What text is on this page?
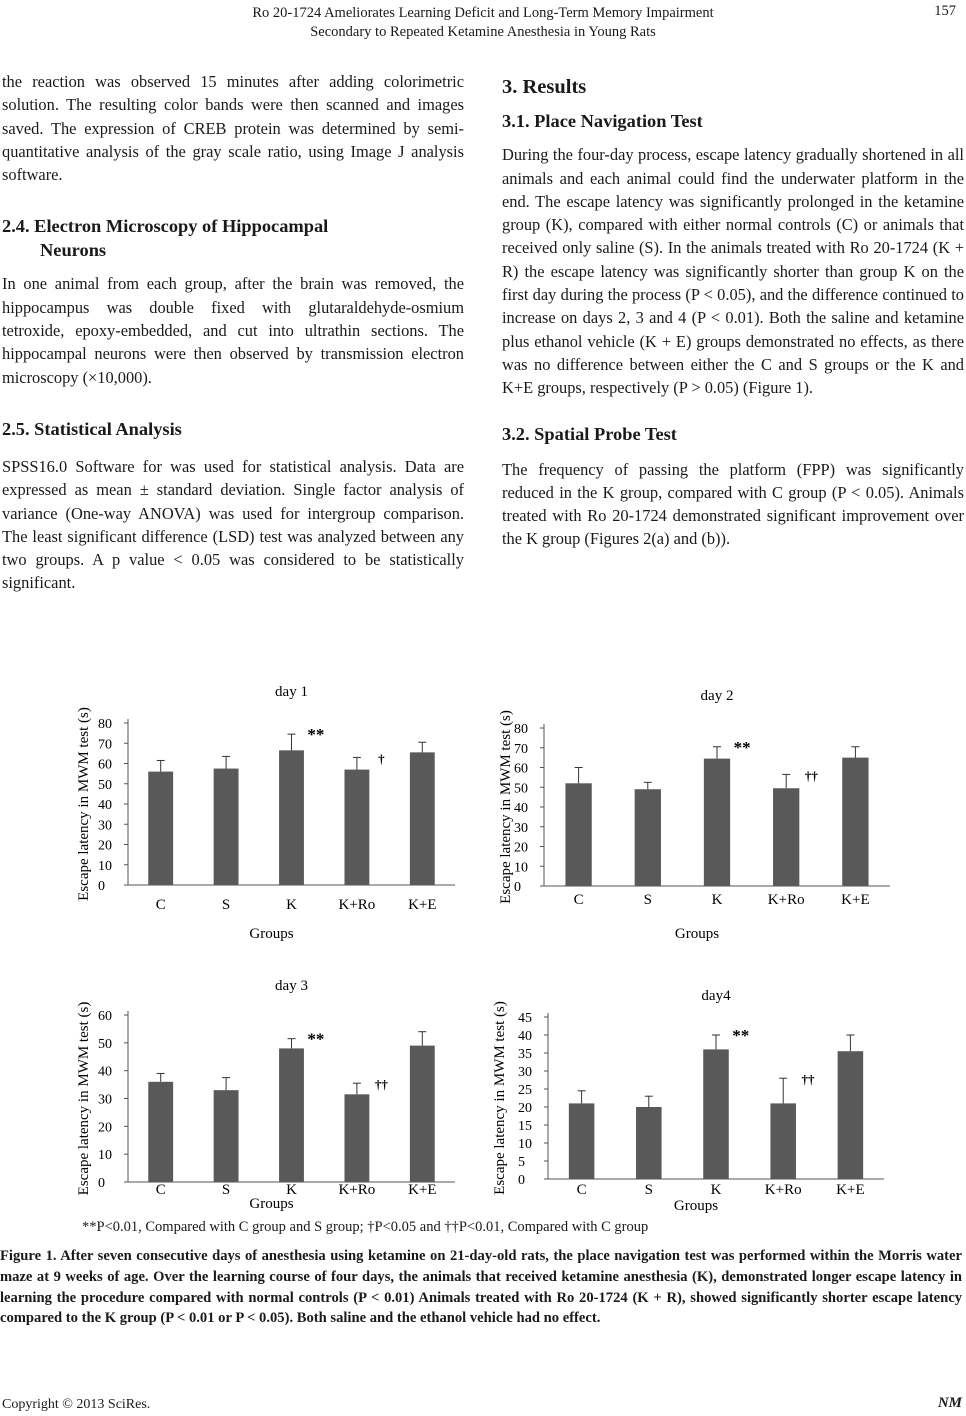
Ro 20-1724 Ameliorates Learning Deficit and Long-Term Memory Impairment
Secondary to Repeated Ketamine Anesthesia in Young Rats
157

the reaction was observed 15 minutes after adding colorimetric solution. The resulting color bands were then scanned and images saved. The expression of CREB protein was determined by semi-quantitative analysis of the gray scale ratio, using Image J analysis software.

2.4. Electron Microscopy of Hippocampal
Neurons

In one animal from each group, after the brain was removed, the hippocampus was double fixed with glutaraldehyde-osmium tetroxide, epoxy-embedded, and cut into ultrathin sections. The hippocampal neurons were then observed by transmission electron microscopy (×10,000).

2.5. Statistical Analysis

SPSS16.0 Software for was used for statistical analysis. Data are expressed as mean ± standard deviation. Single factor analysis of variance (One-way ANOVA) was used for intergroup comparison. The least significant difference (LSD) test was analyzed between any two groups. A p value < 0.05 was considered to be statistically significant.

3. Results
3.1. Place Navigation Test

During the four-day process, escape latency gradually shortened in all animals and each animal could find the underwater platform in the end. The escape latency was significantly prolonged in the ketamine group (K), compared with either normal controls (C) or animals that received only saline (S). In the animals treated with Ro 20-1724 (K + R) the escape latency was significantly shorter than group K on the first day during the process (P < 0.05), and the difference continued to increase on days 2, 3 and 4 (P < 0.01). Both the saline and ketamine plus ethanol vehicle (K + E) groups demonstrated no effects, as there was no difference between either the C and S groups or the K and K+E groups, respectively (P > 0.05) (Figure 1).

3.2. Spatial Probe Test

The frequency of passing the platform (FPP) was significantly reduced in the K group, compared with C group (P < 0.05). Animals treated with Ro 20-1724 demonstrated significant improvement over the K group (Figures 2(a) and (b)).

day 1
Escape latency in MWM test (s) 0
10
20
30
40
50
60
70
80
C	S	K
**
K+Ro
†
K+E
Groups
day 2
Escape latency in MWM test (s) 0
10
20
30
40
50
60
70
80
C	S	K
**
K+Ro
††
K+E
Groups
day 3
Escape latency in MWM test (s) 0
10
20
30
40
50
60
C	S	K
**
K+Ro
††
K+E
Groups
day4
Escape latency in MWM test (s) 0
5
10
15
20
25
30
35
40
45
C	S	K
**
K+Ro
††
K+E
Groups
**P<0.01, Compared with C group and S group; †P<0.05 and ††P<0.01, Compared with C group
Figure 1. After seven consecutive days of anesthesia using ketamine on 21-day-old rats, the place navigation test was performed within the Morris water maze at 9 weeks of age. Over the learning course of four days, the animals that received ketamine anesthesia (K), demonstrated longer escape latency in learning the procedure compared with normal controls (P < 0.01) Animals treated with Ro 20-1724 (K + R), showed significantly shorter escape latency compared to the K group (P < 0.01 or P < 0.05). Both saline and the ethanol vehicle had no effect.
Copyright © 2013 SciRes.	NM
